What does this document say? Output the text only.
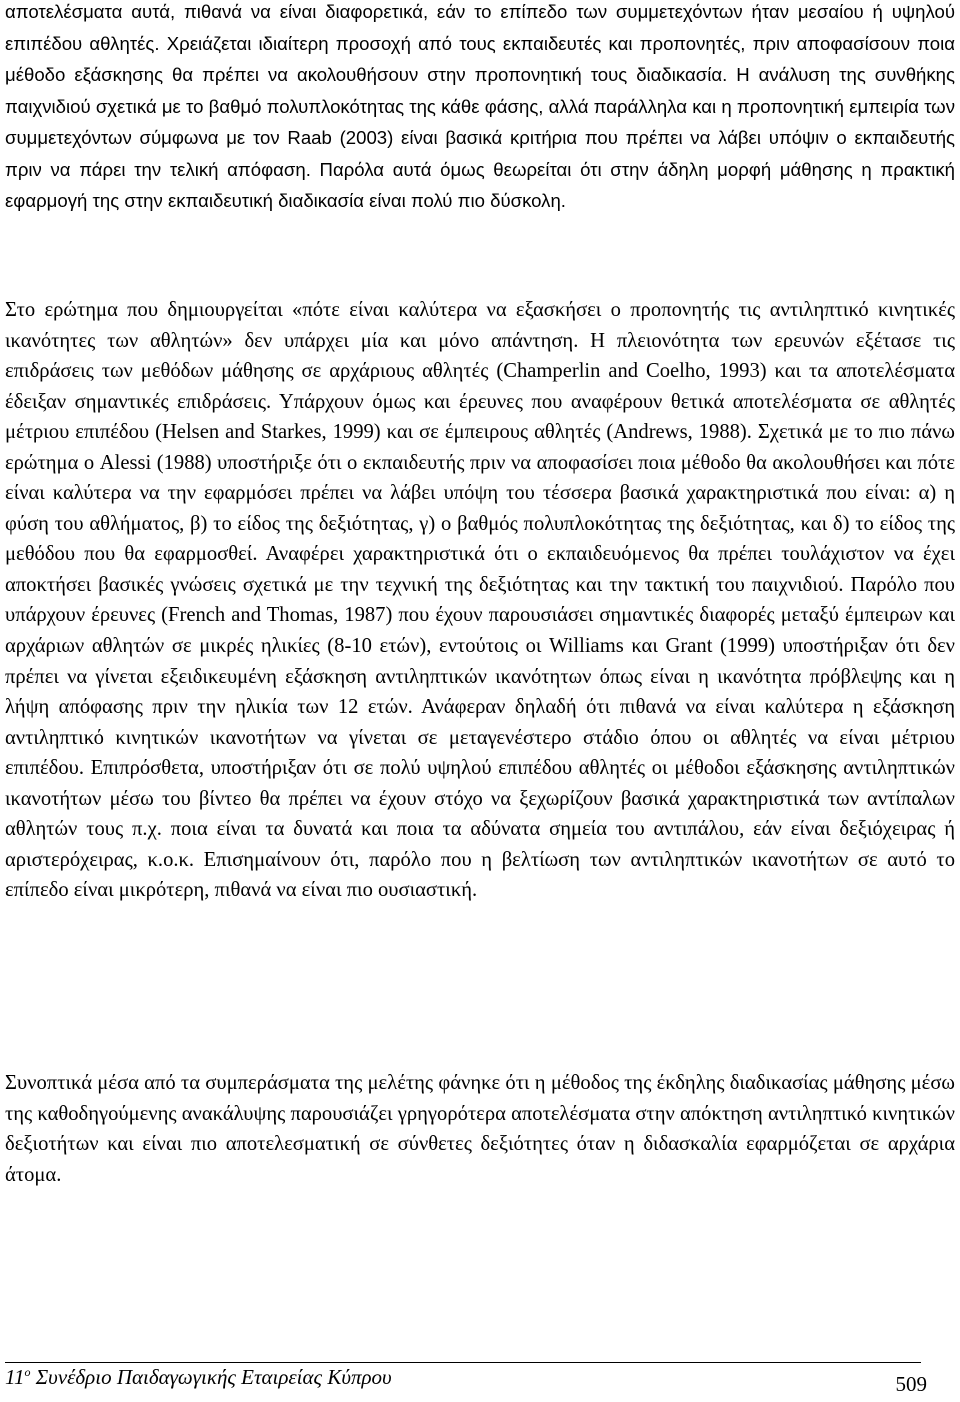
αποτελέσματα αυτά, πιθανά να είναι διαφορετικά, εάν το επίπεδο των συμμετεχόντων ήταν μεσαίου ή υψηλού επιπέδου αθλητές. Χρειάζεται ιδιαίτερη προσοχή από τους εκπαιδευτές και προπονητές, πριν αποφασίσουν ποια μέθοδο εξάσκησης θα πρέπει να ακολουθήσουν στην προπονητική τους διαδικασία. Η ανάλυση της συνθήκης παιχνιδιού σχετικά με το βαθμό πολυπλοκότητας της κάθε φάσης, αλλά παράλληλα και η προπονητική εμπειρία των συμμετεχόντων σύμφωνα με τον Raab (2003) είναι βασικά κριτήρια που πρέπει να λάβει υπόψιν ο εκπαιδευτής πριν να πάρει την τελική απόφαση. Παρόλα αυτά όμως θεωρείται ότι στην άδηλη μορφή μάθησης η πρακτική εφαρμογή της στην εκπαιδευτική διαδικασία είναι πολύ πιο δύσκολη.

Στο ερώτημα που δημιουργείται «πότε είναι καλύτερα να εξασκήσει ο προπονητής τις αντιληπτικό κινητικές ικανότητες των αθλητών» δεν υπάρχει μία και μόνο απάντηση. Η πλειονότητα των ερευνών εξέτασε τις επιδράσεις των μεθόδων μάθησης σε αρχάριους αθλητές (Champerlin and Coelho, 1993) και τα αποτελέσματα έδειξαν σημαντικές επιδράσεις. Υπάρχουν όμως και έρευνες που αναφέρουν θετικά αποτελέσματα σε αθλητές μέτριου επιπέδου (Helsen and Starkes, 1999) και σε έμπειρους αθλητές (Andrews, 1988). Σχετικά με το πιο πάνω ερώτημα ο Alessi (1988) υποστήριξε ότι ο εκπαιδευτής πριν να αποφασίσει ποια μέθοδο θα ακολουθήσει και πότε είναι καλύτερα να την εφαρμόσει πρέπει να λάβει υπόψη του τέσσερα βασικά χαρακτηριστικά που είναι: α) η φύση του αθλήματος, β) το είδος της δεξιότητας, γ) ο βαθμός πολυπλοκότητας της δεξιότητας, και δ) το είδος της μεθόδου που θα εφαρμοσθεί. Αναφέρει χαρακτηριστικά ότι ο εκπαιδευόμενος θα πρέπει τουλάχιστον να έχει αποκτήσει βασικές γνώσεις σχετικά με την τεχνική της δεξιότητας και την τακτική του παιχνιδιού. Παρόλο που υπάρχουν έρευνες (French and Thomas, 1987) που έχουν παρουσιάσει σημαντικές διαφορές μεταξύ έμπειρων και αρχάριων αθλητών σε μικρές ηλικίες (8-10 ετών), εντούτοις οι Williams και Grant (1999) υποστήριξαν ότι δεν πρέπει να γίνεται εξειδικευμένη εξάσκηση αντιληπτικών ικανότητων όπως είναι η ικανότητα πρόβλεψης και η λήψη απόφασης πριν την ηλικία των 12 ετών. Ανάφεραν δηλαδή ότι πιθανά να είναι καλύτερα η εξάσκηση αντιληπτικό κινητικών ικανοτήτων να γίνεται σε μεταγενέστερο στάδιο όπου οι αθλητές να είναι μέτριου επιπέδου. Επιπρόσθετα, υποστήριξαν ότι σε πολύ υψηλού επιπέδου αθλητές οι μέθοδοι εξάσκησης αντιληπτικών ικανοτήτων μέσω του βίντεο θα πρέπει να έχουν στόχο να ξεχωρίζουν βασικά χαρακτηριστικά των αντίπαλων αθλητών τους π.χ. ποια είναι τα δυνατά και ποια τα αδύνατα σημεία του αντιπάλου, εάν είναι δεξιόχειρας ή αριστερόχειρας, κ.ο.κ. Επισημαίνουν ότι, παρόλο που η βελτίωση των αντιληπτικών ικανοτήτων σε αυτό το επίπεδο είναι μικρότερη, πιθανά να είναι πιο ουσιαστική.

Συνοπτικά μέσα από τα συμπεράσματα της μελέτης φάνηκε ότι η μέθοδος της έκδηλης διαδικασίας μάθησης μέσω της καθοδηγούμενης ανακάλυψης παρουσιάζει γρηγορότερα αποτελέσματα στην απόκτηση αντιληπτικό κινητικών δεξιοτήτων και είναι πιο αποτελεσματική σε σύνθετες δεξιότητες όταν η διδασκαλία εφαρμόζεται σε αρχάρια άτομα.

$11^o$ Συνέδριο Παιδαγωγικής Εταιρείας Κύπρου	509
